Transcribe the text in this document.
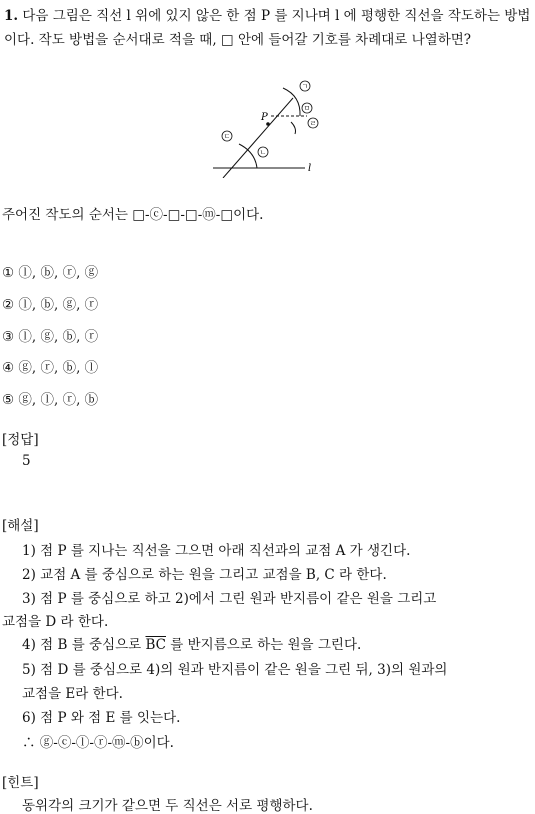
1. 다음 그림은 직선 l 위에 있지 않은 한 점 P 를 지나며 l 에 평행한 직선을 작도하는 방법이다. 작도 방법을 순서대로 적을 때, □ 안에 들어갈 기호를 차례대로 나열하면?
P
l
ㄷ
ㄴ
ㄱ
ㅁ
ㄹ
주어진 작도의 순서는 □-ⓒ-□-□-ⓜ-□이다.
① ⓛ, ⓑ, ⓡ, ⓖ
② ⓛ, ⓑ, ⓖ, ⓡ
③ ⓛ, ⓖ, ⓑ, ⓡ
④ ⓖ, ⓡ, ⓑ, ⓛ
⑤ ⓖ, ⓛ, ⓡ, ⓑ
[정답]
5
[해설]
1) 점 P 를 지나는 직선을 그으면 아래 직선과의 교점 A 가 생긴다.
2) 교점 A 를 중심으로 하는 원을 그리고 교점을 B, C 라 한다.
3) 점 P 를 중심으로 하고 2)에서 그린 원과 반지름이 같은 원을 그리고
교점을 D 라 한다.
4) 점 B 를 중심으로 $\overline{BC}$ 를 반지름으로 하는 원을 그린다.
5) 점 D 를 중심으로 4)의 원과 반지름이 같은 원을 그린 뒤, 3)의 원과의
교점을 E라 한다.
6) 점 P 와 점 E 를 잇는다.
∴ ⓖ-ⓒ-ⓛ-ⓡ-ⓜ-ⓑ이다.
[힌트]
동위각의 크기가 같으면 두 직선은 서로 평행하다.
